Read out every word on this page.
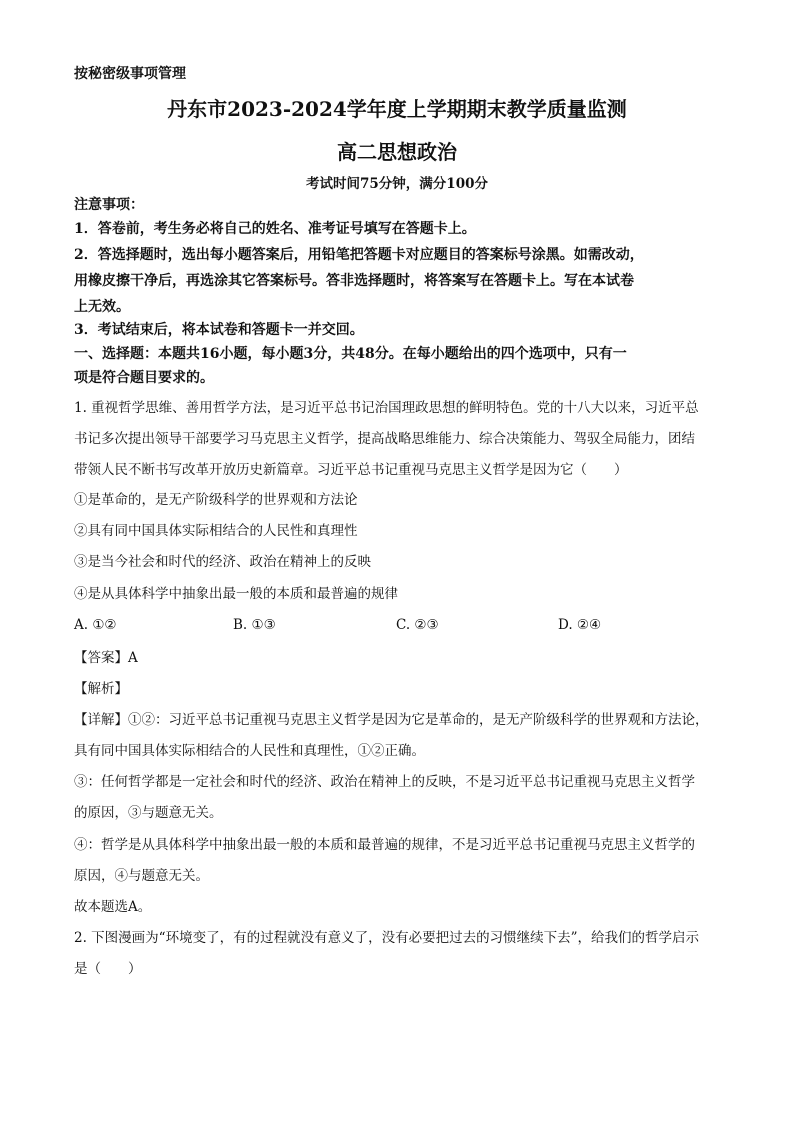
按秘密级事项管理
丹东市2023-2024学年度上学期期末教学质量监测
高二思想政治
考试时间75分钟，满分100分
注意事项：
1．答卷前，考生务必将自己的姓名、准考证号填写在答题卡上。
2．答选择题时，选出每小题答案后，用铅笔把答题卡对应题目的答案标号涂黑。如需改动，
用橡皮擦干净后，再选涂其它答案标号。答非选择题时，将答案写在答题卡上。写在本试卷
上无效。
3．考试结束后，将本试卷和答题卡一并交回。
一、选择题：本题共16小题，每小题3分，共48分。在每小题给出的四个选项中，只有一
项是符合题目要求的。
1. 重视哲学思维、善用哲学方法，是习近平总书记治国理政思想的鲜明特色。党的十八大以来，习近平总
书记多次提出领导干部要学习马克思主义哲学，提高战略思维能力、综合决策能力、驾驭全局能力，团结
带领人民不断书写改革开放历史新篇章。习近平总书记重视马克思主义哲学是因为它（　　）
①是革命的，是无产阶级科学的世界观和方法论
②具有同中国具体实际相结合的人民性和真理性
③是当今社会和时代的经济、政治在精神上的反映
④是从具体科学中抽象出最一般的本质和最普遍的规律
A. ①②	B. ①③	C. ②③	D. ②④
【答案】A
【解析】
【详解】①②：习近平总书记重视马克思主义哲学是因为它是革命的，是无产阶级科学的世界观和方法论，
具有同中国具体实际相结合的人民性和真理性，①②正确。
③：任何哲学都是一定社会和时代的经济、政治在精神上的反映，不是习近平总书记重视马克思主义哲学
的原因，③与题意无关。
④：哲学是从具体科学中抽象出最一般的本质和最普遍的规律，不是习近平总书记重视马克思主义哲学的
原因，④与题意无关。
故本题选A。
2. 下图漫画为“环境变了，有的过程就没有意义了，没有必要把过去的习惯继续下去”，给我们的哲学启示
是（　　）
